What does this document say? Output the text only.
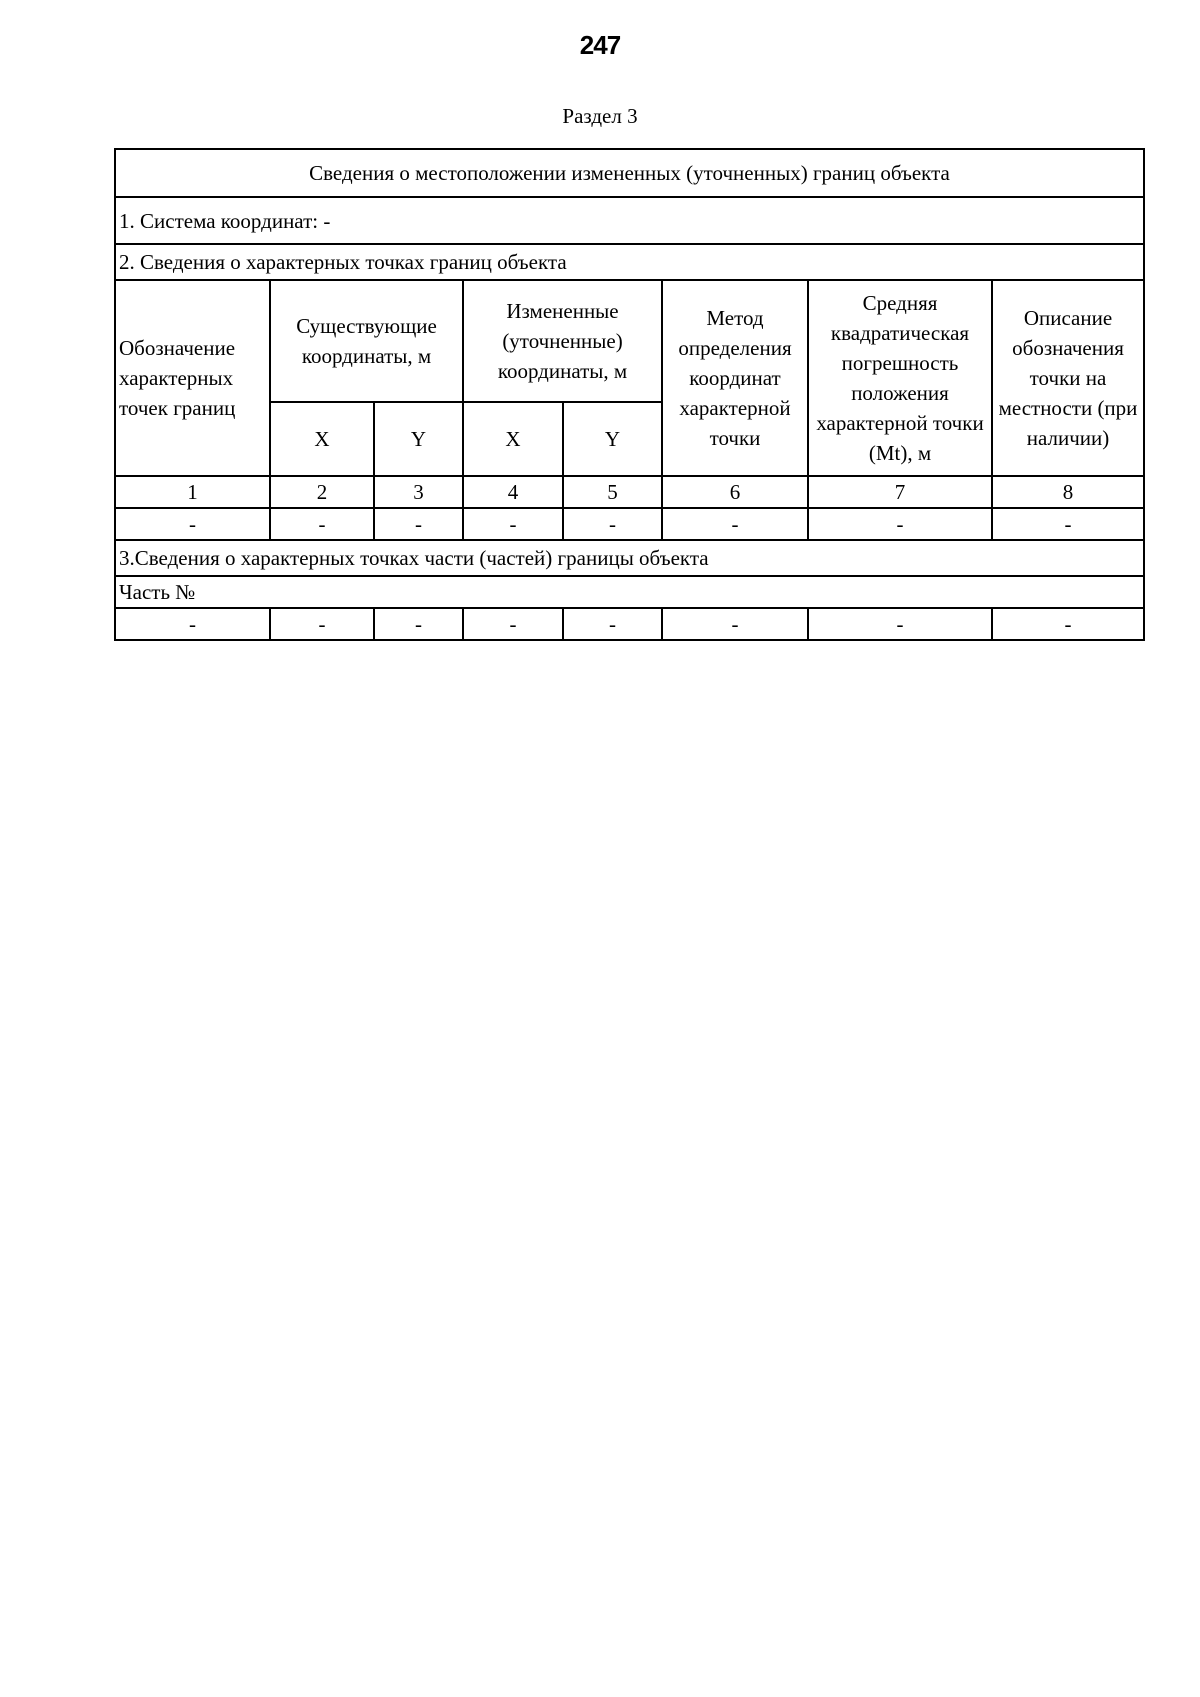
247
Раздел 3
Сведения о местоположении измененных (уточненных) границ объекта							
1. Система координат: -							
2. Сведения о характерных точках границ объекта							
Обозначение характерных точек границ	Существующие координаты, м		Измененные (уточненные) координаты, м		Метод определения координат характерной точки	Средняя квадратическая погрешность положения характерной точки (Mt), м	Описание обозначения точки на местности (при наличии)
	X	Y	X	Y			
1	2	3	4	5	6	7	8
-	-	-	-	-	-	-	-
3.Сведения о характерных точках части (частей) границы объекта							
Часть №							
-	-	-	-	-	-	-	-
